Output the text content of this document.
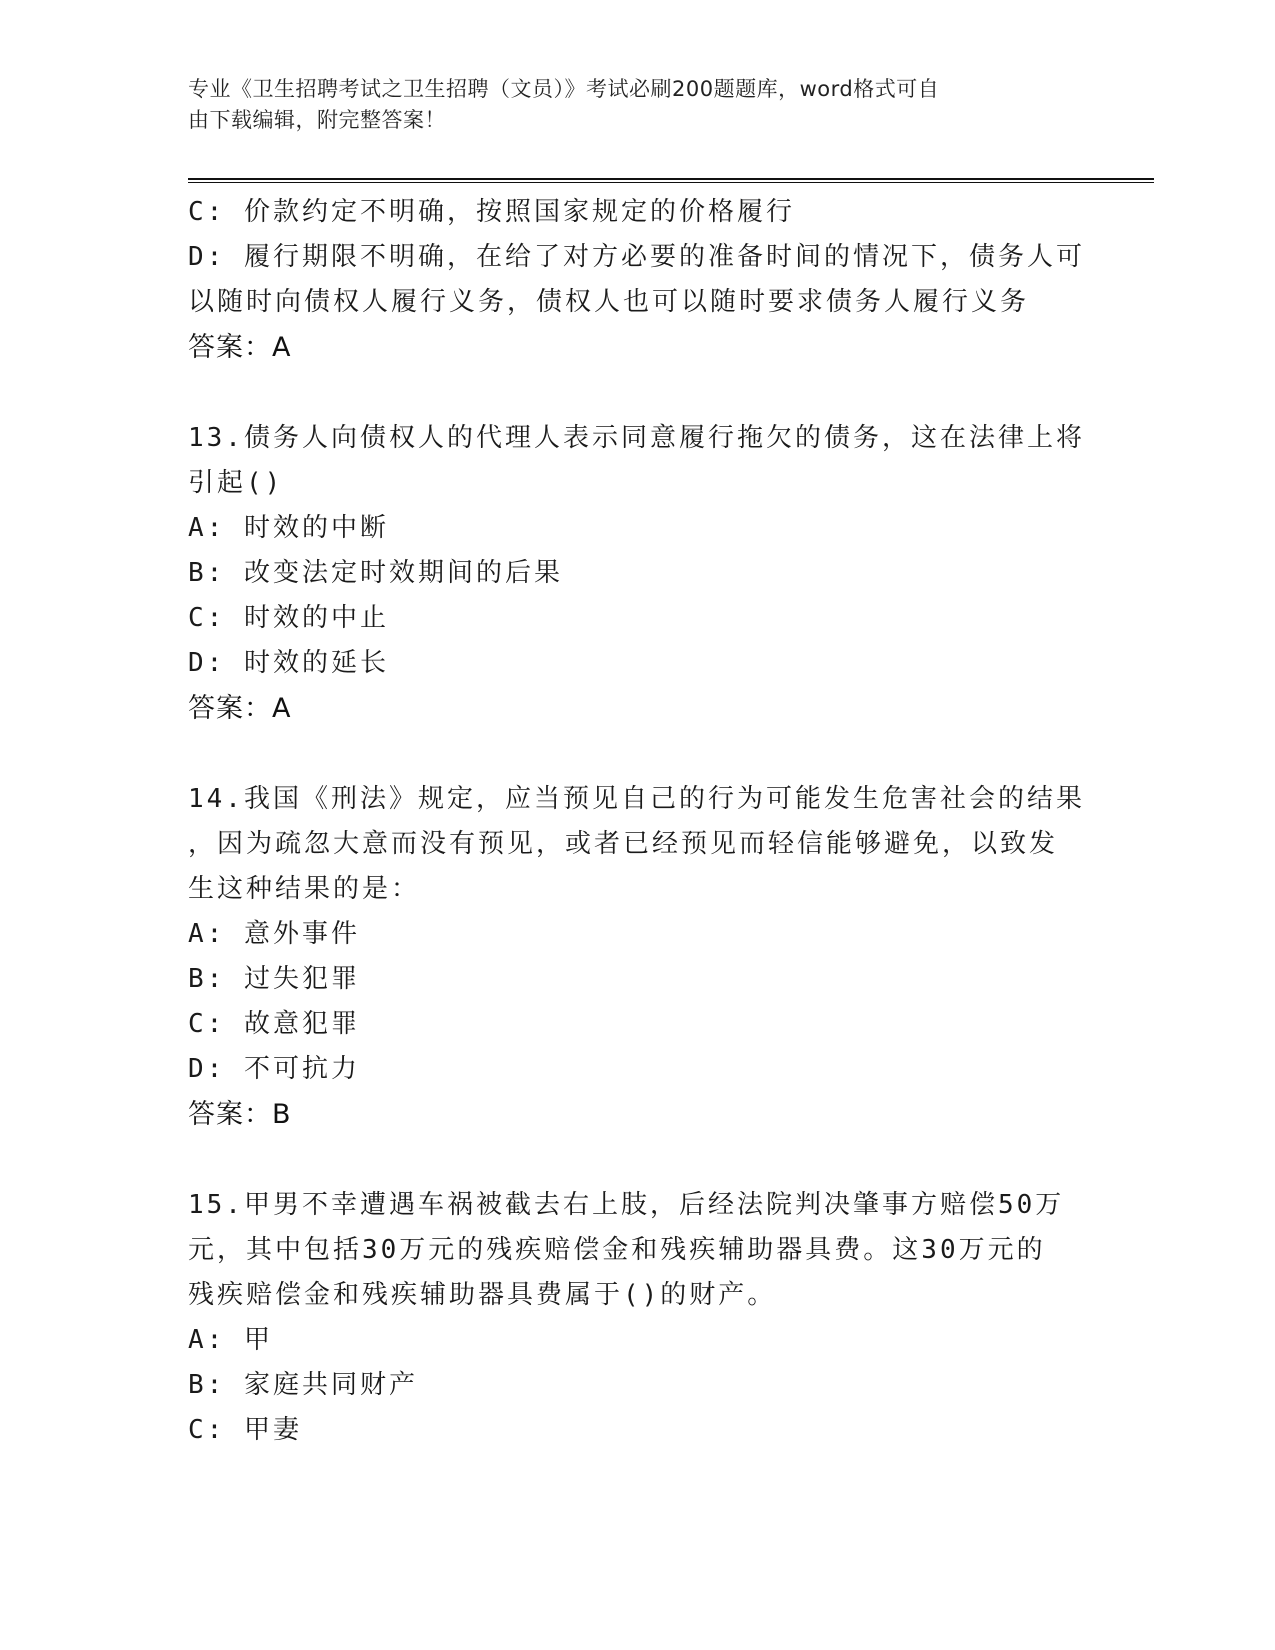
专业《卫生招聘考试之卫生招聘（文员）》考试必刷200题题库，word格式可自
由下载编辑，附完整答案！
C: 价款约定不明确，按照国家规定的价格履行
D: 履行期限不明确，在给了对方必要的准备时间的情况下，债务人可
以随时向债权人履行义务，债权人也可以随时要求债务人履行义务
答案：A
13.债务人向债权人的代理人表示同意履行拖欠的债务，这在法律上将
引起()
A: 时效的中断
B: 改变法定时效期间的后果
C: 时效的中止
D: 时效的延长
答案：A
14.我国《刑法》规定，应当预见自己的行为可能发生危害社会的结果
，因为疏忽大意而没有预见，或者已经预见而轻信能够避免，以致发
生这种结果的是：
A: 意外事件
B: 过失犯罪
C: 故意犯罪
D: 不可抗力
答案：B
15.甲男不幸遭遇车祸被截去右上肢，后经法院判决肇事方赔偿50万
元，其中包括30万元的残疾赔偿金和残疾辅助器具费。这30万元的
残疾赔偿金和残疾辅助器具费属于()的财产。
A: 甲
B: 家庭共同财产
C: 甲妻
